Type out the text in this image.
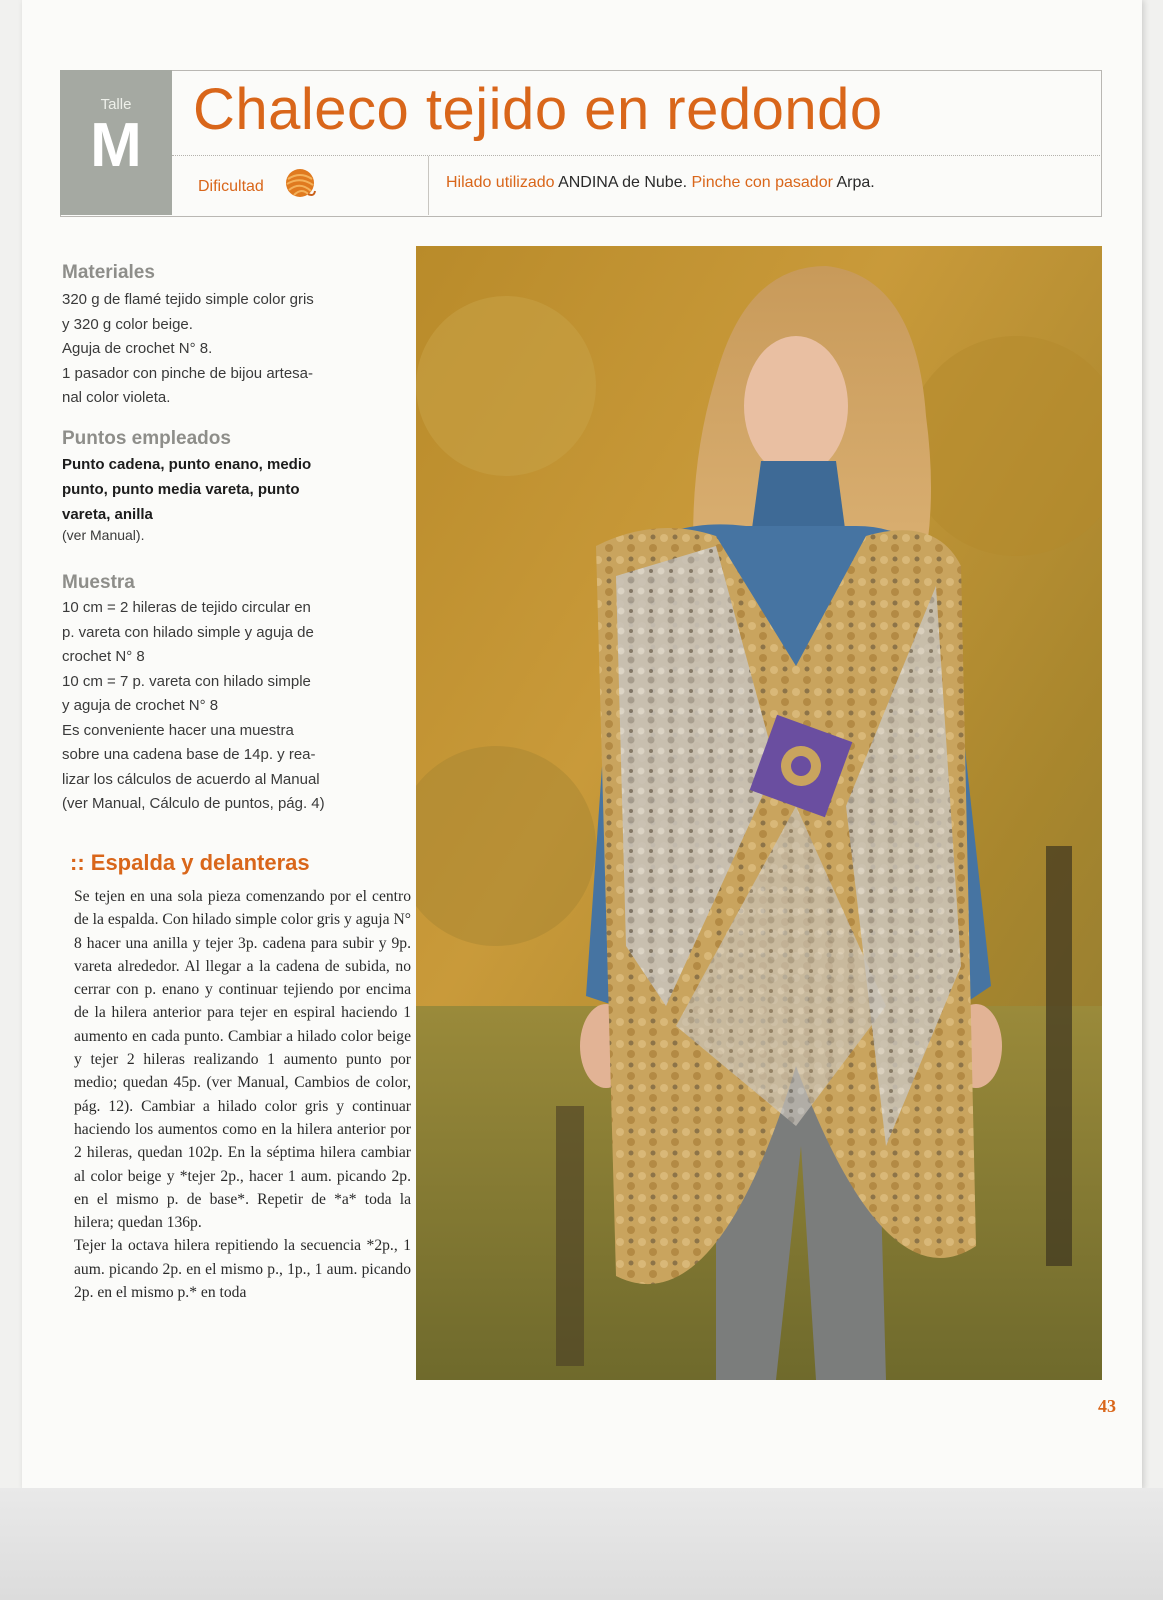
Talle
M
Chaleco tejido en redondo
Dificultad	Hilado utilizado ANDINA de Nube. Pinche con pasador Arpa.
Materiales
320 g de flamé tejido simple color gris
y 320 g color beige.
Aguja de crochet N° 8.
1 pasador con pinche de bijou artesa-
nal color violeta.
Puntos empleados
Punto cadena, punto enano, medio
punto, punto media vareta, punto
vareta, anilla
(ver Manual).
Muestra
10 cm = 2 hileras de tejido circular en
p. vareta con hilado simple y aguja de
crochet N° 8
10 cm = 7 p. vareta con hilado simple
y aguja de crochet N° 8
Es conveniente hacer una muestra
sobre una cadena base de 14p. y rea-
lizar los cálculos de acuerdo al Manual
(ver Manual, Cálculo de puntos, pág. 4)
:: Espalda y delanteras

Se tejen en una sola pieza comenzando por el centro de la espalda. Con hilado simple color gris y aguja N° 8 hacer una anilla y tejer 3p. cadena para subir y 9p. vareta alrededor. Al llegar a la cadena de subida, no cerrar con p. enano y continuar tejiendo por encima de la hilera anterior para tejer en espiral haciendo 1 aumento en cada punto. Cambiar a hilado color beige y tejer 2 hileras realizando 1 aumento punto por medio; quedan 45p. (ver Manual, Cambios de color, pág. 12). Cambiar a hilado color gris y continuar haciendo los aumentos como en la hilera anterior por 2 hileras, quedan 102p. En la séptima hilera cambiar al color beige y *tejer 2p., hacer 1 aum. picando 2p. en el mismo p. de base*. Repetir de *a* toda la hilera; quedan 136p.

Tejer la octava hilera repitiendo la secuencia *2p., 1 aum. picando 2p. en el mismo p., 1p., 1 aum. picando 2p. en el mismo p.* en toda

43
